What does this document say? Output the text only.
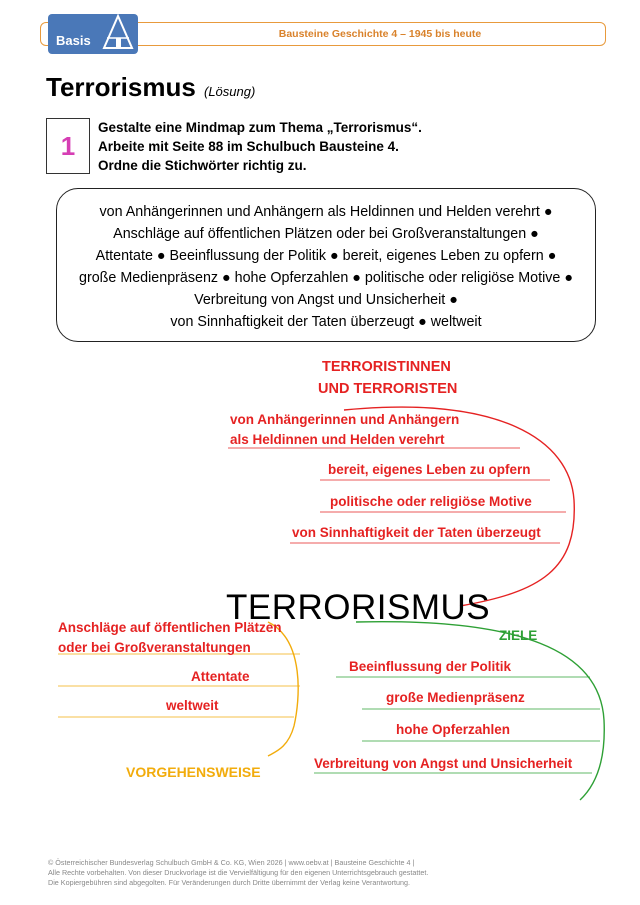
Basis	Bausteine Geschichte 4 – 1945 bis heute
Terrorismus (Lösung)
1
Gestalte eine Mindmap zum Thema „Terrorismus“.
Arbeite mit Seite 88 im Schulbuch Bausteine 4.
Ordne die Stichwörter richtig zu.
von Anhängerinnen und Anhängern als Heldinnen und Helden verehrt ●
Anschläge auf öffentlichen Plätzen oder bei Großveranstaltungen ●
Attentate ● Beeinflussung der Politik ● bereit, eigenes Leben zu opfern ●
große Medienpräsenz ● hohe Opferzahlen ● politische oder religiöse Motive ●
Verbreitung von Angst und Unsicherheit ●
von Sinnhaftigkeit der Taten überzeugt ● weltweit
TERRORISTINNEN
UND TERRORISTEN
von Anhängerinnen und Anhängern
als Heldinnen und Helden verehrt
bereit, eigenes Leben zu opfern
politische oder religiöse Motive
von Sinnhaftigkeit der Taten überzeugt
TERRORISMUS
Anschläge auf öffentlichen Plätzen
oder bei Großveranstaltungen
Attentate
weltweit
VORGEHENSWEISE
ZIELE
Beeinflussung der Politik
große Medienpräsenz
hohe Opferzahlen
Verbreitung von Angst und Unsicherheit
© Österreichischer Bundesverlag Schulbuch GmbH & Co. KG, Wien 2026 | www.oebv.at | Bausteine Geschichte 4 |
Alle Rechte vorbehalten. Von dieser Druckvorlage ist die Vervielfältigung für den eigenen Unterrichtsgebrauch gestattet.
Die Kopiergebühren sind abgegolten. Für Veränderungen durch Dritte übernimmt der Verlag keine Verantwortung.
